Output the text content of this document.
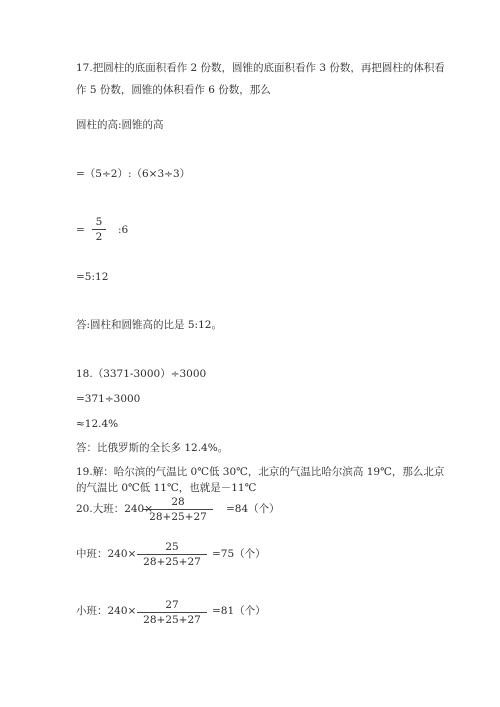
17.把圆柱的底面积看作 2 份数，圆锥的底面积看作 3 份数，再把圆柱的体积看
作 5 份数，圆锥的体积看作 6 份数，那么
圆柱的高:圆锥的高
=（5÷2）:（6×3÷3）
= $\frac{5}{2}$ :6
=5:12
答:圆柱和圆锥高的比是 5:12。
18.（3371-3000）÷3000
=371÷3000
≈12.4%
答：比俄罗斯的全长多 12.4%。
19.解：哈尔滨的气温比 0℃低 30℃，北京的气温比哈尔滨高 19℃，那么北京
的气温比 0℃低 11℃，也就是－11℃
20.大班：240×
$\frac{28}{28+25+27} =84$（个）
中班：$240\times \frac{25}{28+25+27} =75$（个）
小班：$240\times \frac{27}{28+25+27} =81$（个）
